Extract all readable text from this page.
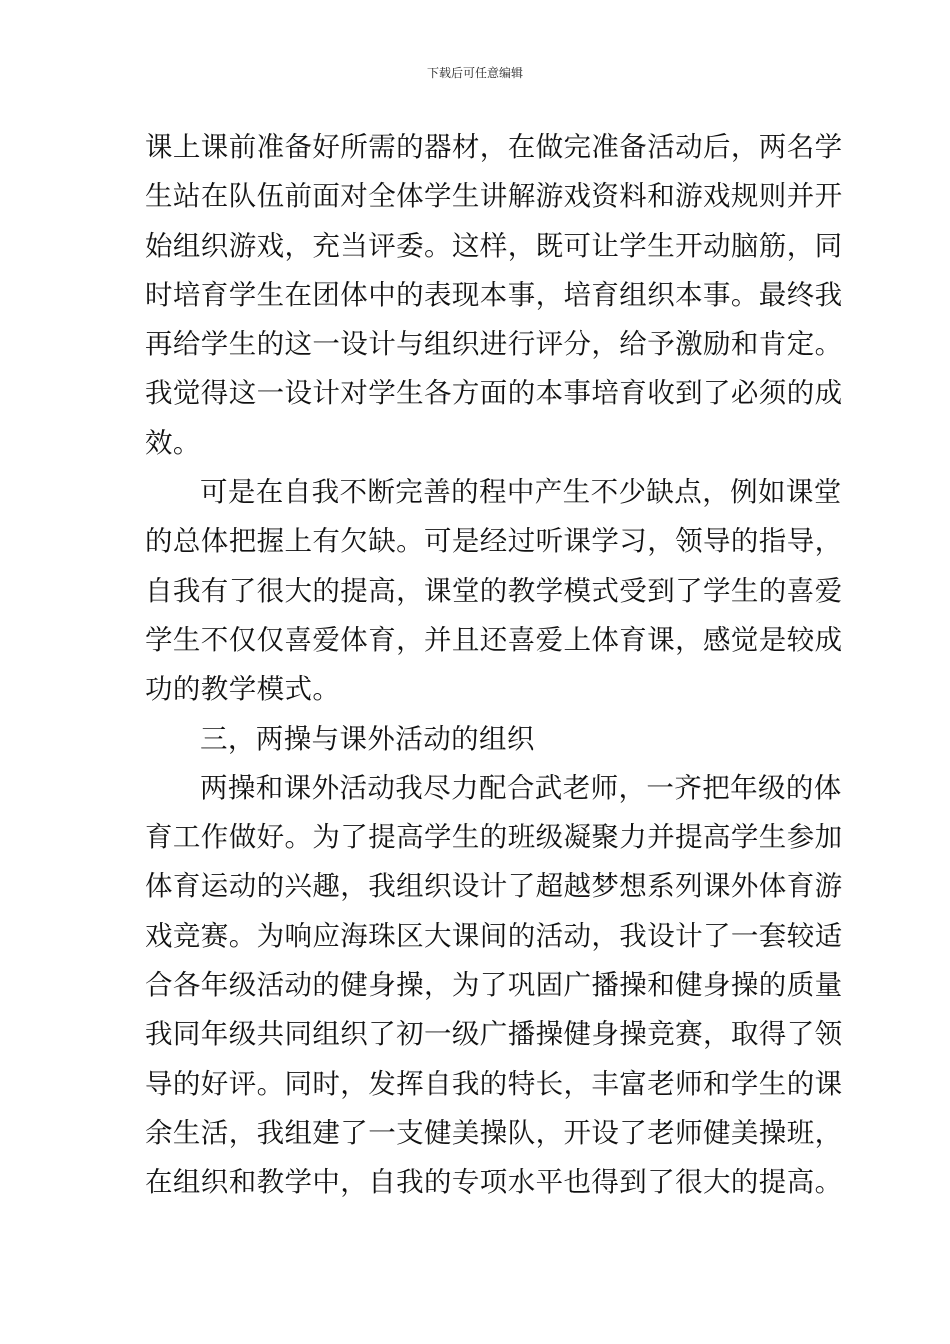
下载后可任意编辑
课上课前准备好所需的器材，在做完准备活动后，两名学
生站在队伍前面对全体学生讲解游戏资料和游戏规则并开
始组织游戏，充当评委。这样，既可让学生开动脑筋，同
时培育学生在团体中的表现本事，培育组织本事。最终我
再给学生的这一设计与组织进行评分，给予激励和肯定。
我觉得这一设计对学生各方面的本事培育收到了必须的成
效。
可是在自我不断完善的程中产生不少缺点，例如课堂
的总体把握上有欠缺。可是经过听课学习，领导的指导，
自我有了很大的提高，课堂的教学模式受到了学生的喜爱
学生不仅仅喜爱体育，并且还喜爱上体育课，感觉是较成
功的教学模式。
三，两操与课外活动的组织
两操和课外活动我尽力配合武老师，一齐把年级的体
育工作做好。为了提高学生的班级凝聚力并提高学生参加
体育运动的兴趣，我组织设计了超越梦想系列课外体育游
戏竞赛。为响应海珠区大课间的活动，我设计了一套较适
合各年级活动的健身操，为了巩固广播操和健身操的质量
我同年级共同组织了初一级广播操健身操竞赛，取得了领
导的好评。同时，发挥自我的特长，丰富老师和学生的课
余生活，我组建了一支健美操队，开设了老师健美操班，
在组织和教学中，自我的专项水平也得到了很大的提高。
